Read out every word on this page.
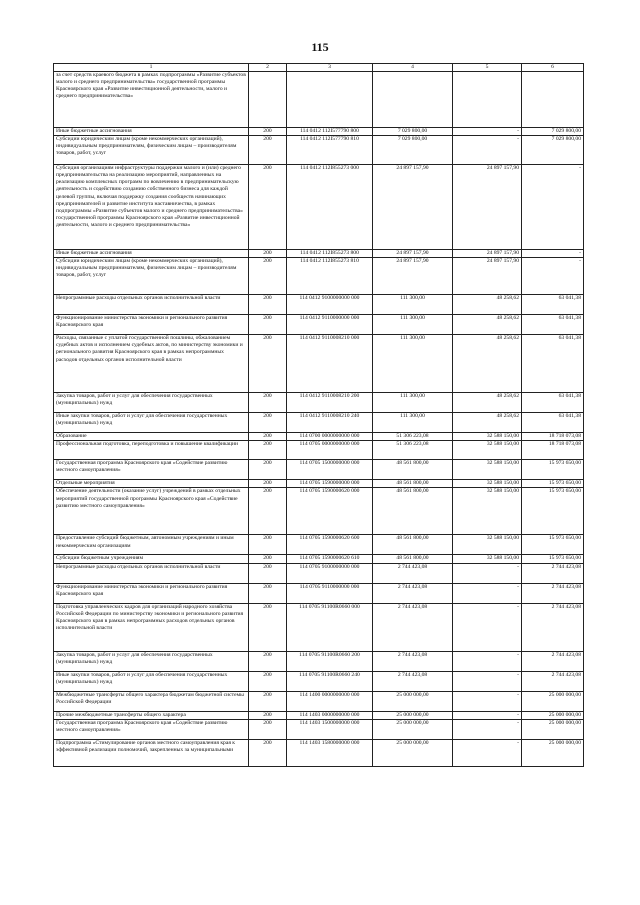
115
1	2	3	4	5	6
за счет средств краевого бюджета в рамках подпрограммы «Развитие субъектов малого и среднего предпринимательства» государственной программы Красноярского края «Развитие инвестиционной деятельности, малого и среднего предпринимательства»					
Иные бюджетные ассигнования	200	114 0412 112I577790 800	7 029 800,00	-	7 029 800,00
Субсидии юридическим лицам (кроме некоммерческих организаций), индивидуальным предпринимателям, физическим лицам – производителям товаров, работ, услуг	200	114 0412 112I577790 810	7 029 800,00	-	7 029 800,00
Субсидия организациям инфраструктуры поддержки малого и (или) среднего предпринимательства на реализацию мероприятий, направленных на реализацию комплексных программ по вовлечению в предпринимательскую деятельность и содействию созданию собственного бизнеса для каждой целевой группы, включая поддержку создания сообществ начинающих предпринимателей и развитие института наставничества, в рамках подпрограммы «Развитие субъектов малого и среднего предпринимательства» государственной программы Красноярского края «Развитие инвестиционной деятельности, малого и среднего предпринимательства»	200	114 0412 112I855273 000	24 897 157,90	24 897 157,90	-
Иные бюджетные ассигнования	200	114 0412 112I855273 800	24 897 157,90	24 897 157,90	-
Субсидии юридическим лицам (кроме некоммерческих организаций), индивидуальным предпринимателям, физическим лицам – производителям товаров, работ, услуг	200	114 0412 112I855273 810	24 897 157,90	24 897 157,90	-
Непрограммные расходы отдельных органов исполнительной власти	200	114 0412 9100000000 000	111 300,00	48 258,62	63 041,38
Функционирование министерства экономики и регионального развития Красноярского края	200	114 0412 9110000000 000	111 300,00	48 258,62	63 041,38
Расходы, связанные с уплатой государственной пошлины, обжалованием судебных актов и исполнением судебных актов, по министерству экономики и регионального развития Красноярского края в рамках непрограммных расходов отдельных органов исполнительной власти	200	114 0412 9110008210 000	111 300,00	48 258,62	63 041,38
Закупка товаров, работ и услуг для обеспечения государственных (муниципальных) нужд	200	114 0412 9110008210 200	111 300,00	48 258,62	63 041,38
Иные закупки товаров, работ и услуг для обеспечения государственных (муниципальных) нужд	200	114 0412 9110008210 240	111 300,00	48 258,62	63 041,38
Образование	200	114 0700 0000000000 000	51 306 223,08	32 588 150,00	18 718 073,08
Профессиональная подготовка, переподготовка и повышение квалификации	200	114 0705 0000000000 000	51 306 223,08	32 588 150,00	18 718 073,08
Государственная программа Красноярского края «Содействие развитию местного самоуправления»	200	114 0705 1500000000 000	48 561 800,00	32 588 150,00	15 973 650,00
Отдельные мероприятия	200	114 0705 1590000000 000	48 561 800,00	32 588 150,00	15 973 650,00
Обеспечение деятельности (оказание услуг) учреждений в рамках отдельных мероприятий государственной программы Красноярского края «Содействие развитию местного самоуправления»	200	114 0705 1590000620 000	48 561 800,00	32 588 150,00	15 973 650,00
Предоставление субсидий бюджетным, автономным учреждениям и иным некоммерческим организациям	200	114 0705 1590000620 600	48 561 800,00	32 588 150,00	15 973 650,00
Субсидии бюджетным учреждениям	200	114 0705 1590000620 610	48 561 800,00	32 588 150,00	15 973 650,00
Непрограммные расходы отдельных органов исполнительной власти	200	114 0705 9100000000 000	2 744 423,08	-	2 744 423,08
Функционирование министерства экономики и регионального развития Красноярского края	200	114 0705 9110000000 000	2 744 423,08	-	2 744 423,08
Подготовка управленческих кадров для организаций народного хозяйства Российской Федерации по министерству экономики и регионального развития Красноярского края в рамках непрограммных расходов отдельных органов исполнительной власти	200	114 0705 91100R0660 000	2 744 423,08	-	2 744 423,08
Закупка товаров, работ и услуг для обеспечения государственных (муниципальных) нужд	200	114 0705 91100R0660 200	2 744 423,08	-	2 744 423,08
Иные закупки товаров, работ и услуг для обеспечения государственных (муниципальных) нужд	200	114 0705 91100R0660 240	2 744 423,08	-	2 744 423,08
Межбюджетные трансферты общего характера бюджетам бюджетной системы Российской Федерации	200	114 1400 0000000000 000	25 000 000,00	-	25 000 000,00
Прочие межбюджетные трансферты общего характера	200	114 1403 0000000000 000	25 000 000,00	-	25 000 000,00
Государственная программа Красноярского края «Содействие развитию местного самоуправления»	200	114 1403 1500000000 000	25 000 000,00	-	25 000 000,00
Подпрограмма «Стимулирование органов местного самоуправления края к эффективной реализации полномочий, закрепленных за муниципальными	200	114 1403 1580000000 000	25 000 000,00	-	25 000 000,00
